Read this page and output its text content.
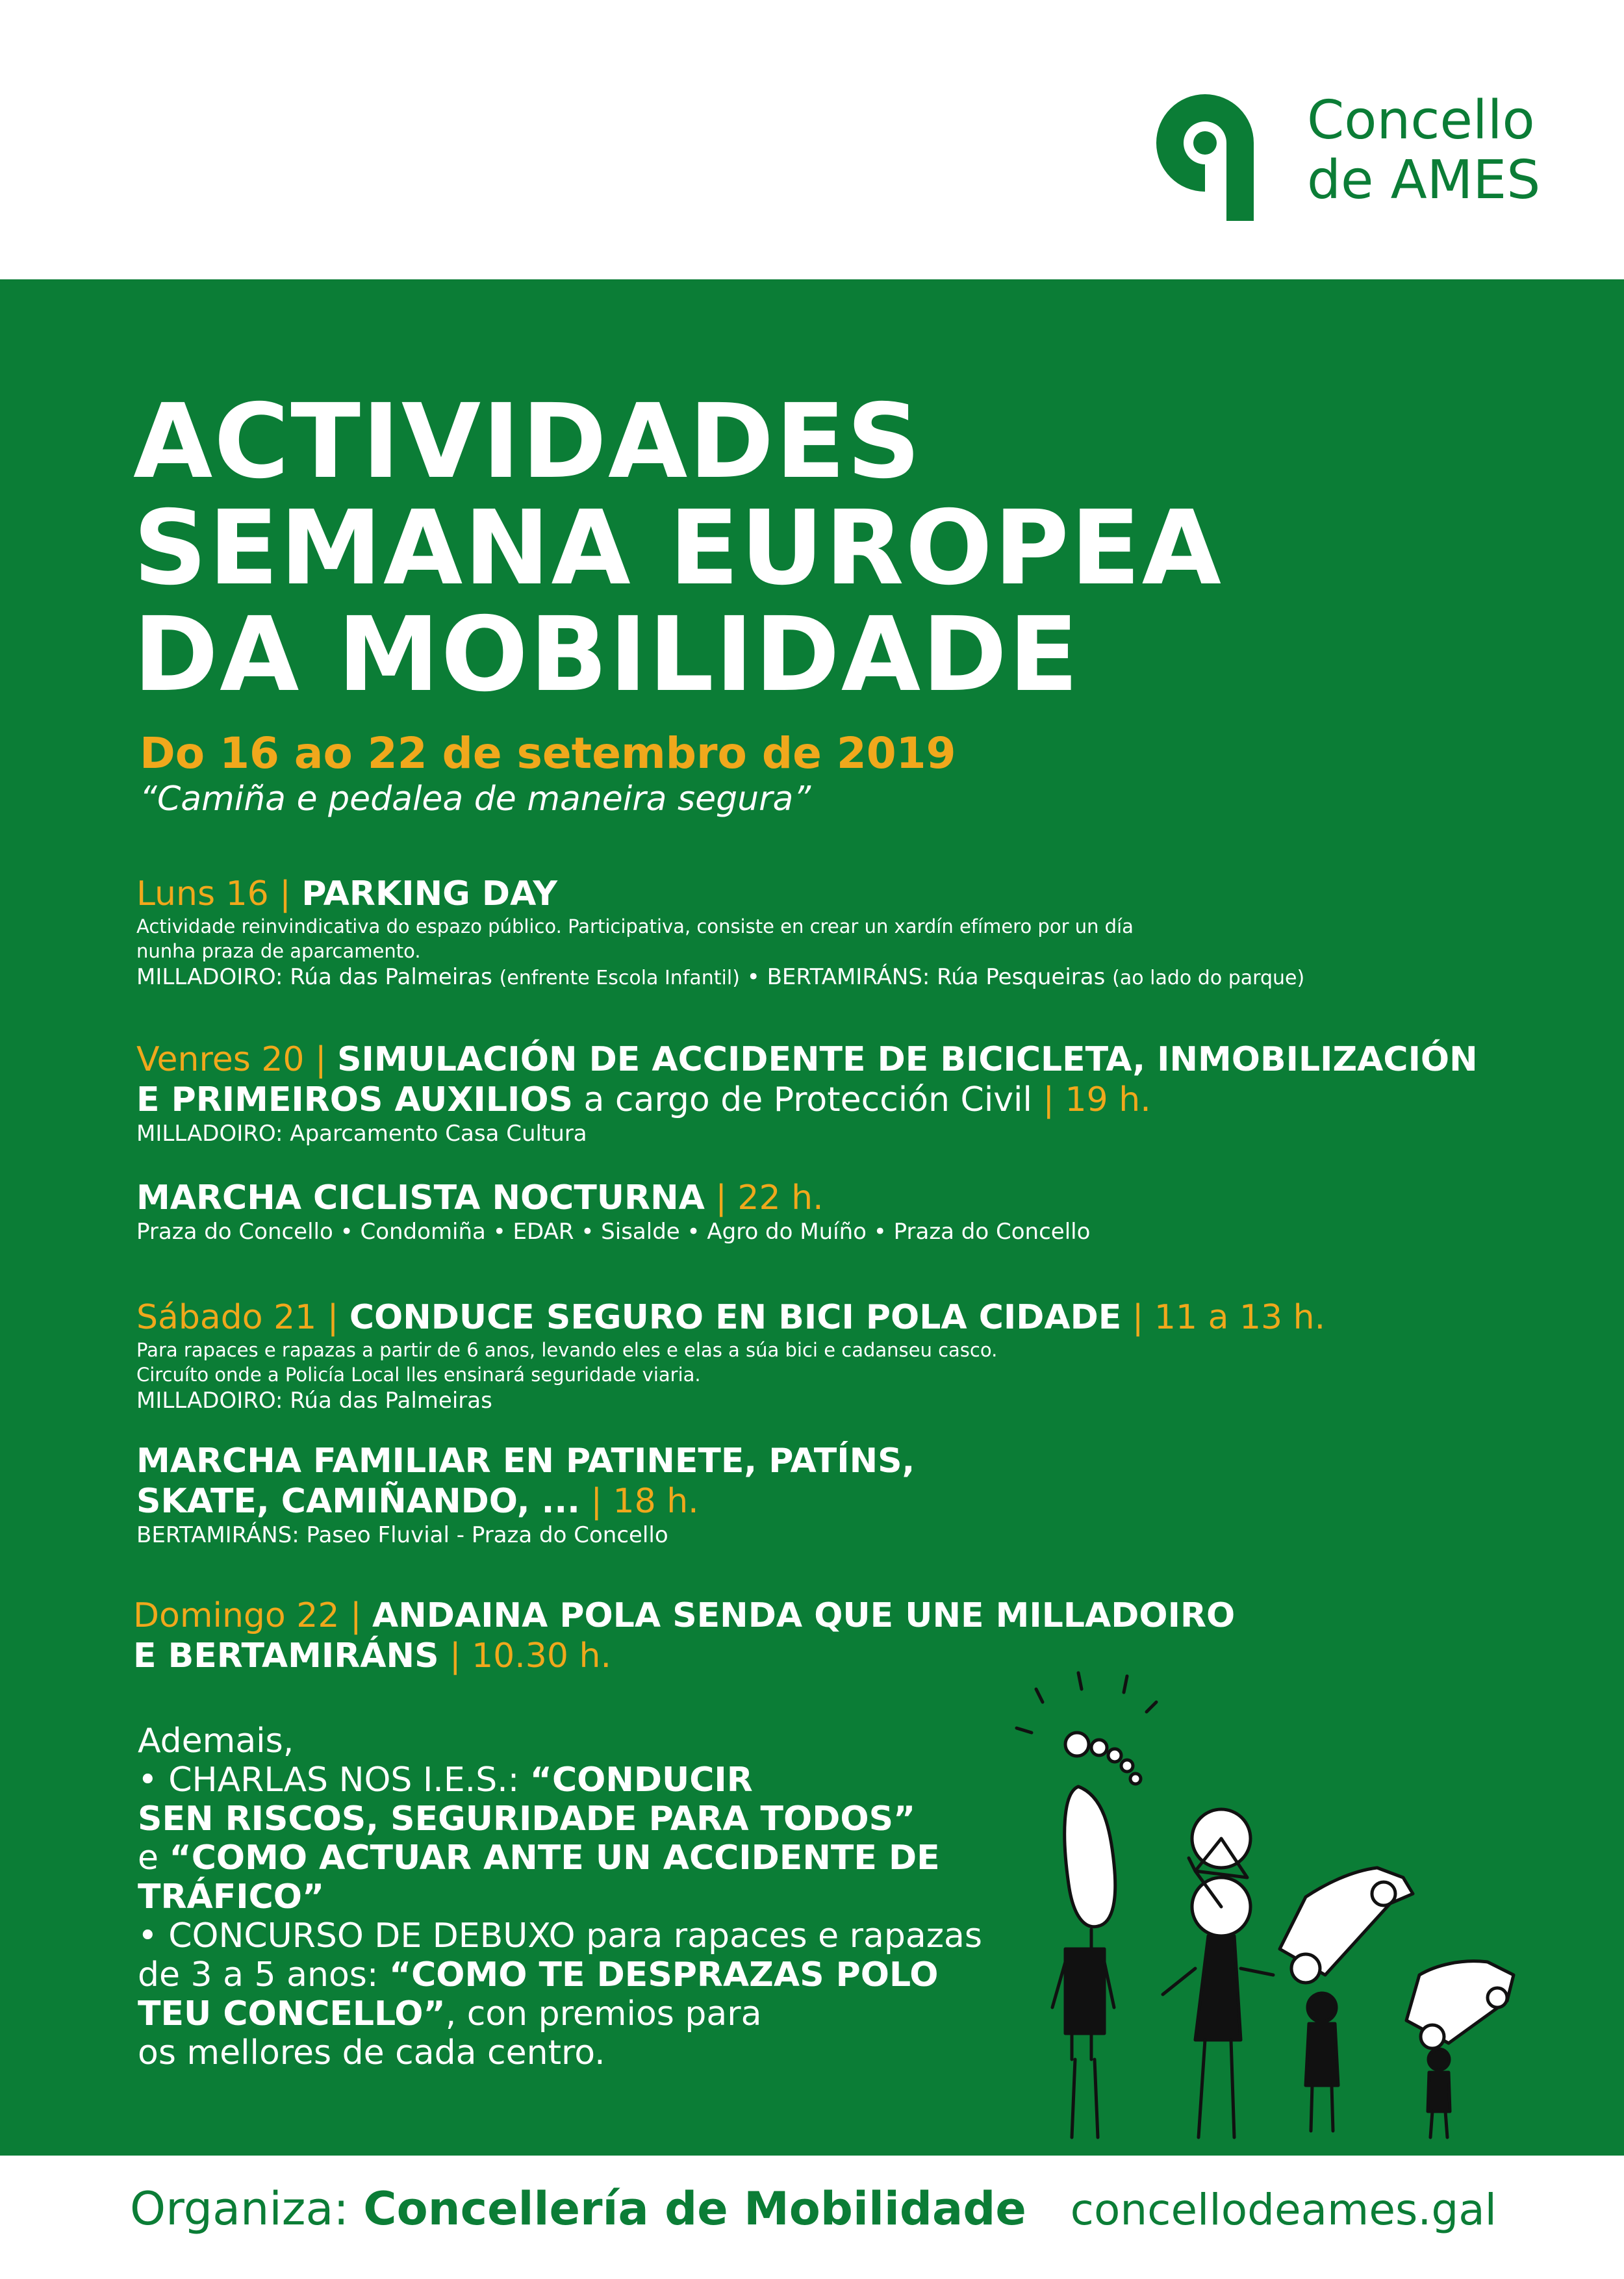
Concello
de AMES
ACTIVIDADES
SEMANA EUROPEA
DA MOBILIDADE
Do 16 ao 22 de setembro de 2019
“Camiña e pedalea de maneira segura”
Luns 16 | PARKING DAY
Actividade reinvindicativa do espazo público. Participativa, consiste en crear un xardín efímero por un día
nunha praza de aparcamento.
MILLADOIRO: Rúa das Palmeiras (enfrente Escola Infantil) • BERTAMIRÁNS: Rúa Pesqueiras (ao lado do parque)
Venres 20 | SIMULACIÓN DE ACCIDENTE DE BICICLETA, INMOBILIZACIÓN
E PRIMEIROS AUXILIOS a cargo de Protección Civil | 19 h.
MILLADOIRO: Aparcamento Casa Cultura
MARCHA CICLISTA NOCTURNA | 22 h.
Praza do Concello • Condomiña • EDAR • Sisalde • Agro do Muíño • Praza do Concello
Sábado 21 | CONDUCE SEGURO EN BICI POLA CIDADE | 11 a 13 h.
Para rapaces e rapazas a partir de 6 anos, levando eles e elas a súa bici e cadanseu casco.
Circuíto onde a Policía Local lles ensinará seguridade viaria.
MILLADOIRO: Rúa das Palmeiras
MARCHA FAMILIAR EN PATINETE, PATÍNS,
SKATE, CAMIÑANDO, ... | 18 h.
BERTAMIRÁNS: Paseo Fluvial - Praza do Concello
Domingo 22 | ANDAINA POLA SENDA QUE UNE MILLADOIRO
E BERTAMIRÁNS | 10.30 h.
Ademais,
• CHARLAS NOS I.E.S.: “CONDUCIR
SEN RISCOS, SEGURIDADE PARA TODOS”
e “COMO ACTUAR ANTE UN ACCIDENTE DE
TRÁFICO”
• CONCURSO DE DEBUXO para rapaces e rapazas
de 3 a 5 anos: “COMO TE DESPRAZAS POLO
TEU CONCELLO”, con premios para
os mellores de cada centro.
Organiza: Concellería de Mobilidade concellodeames.gal
